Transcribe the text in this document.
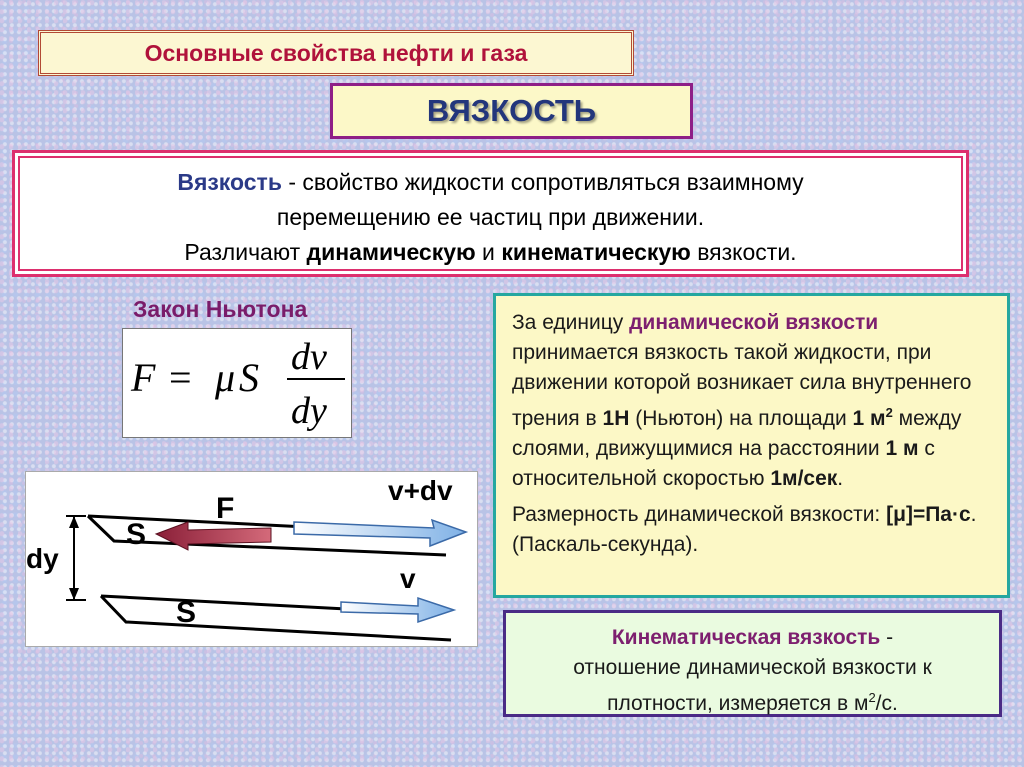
Основные свойства нефти и газа
ВЯЗКОСТЬ
Вязкость - свойство жидкости сопротивляться взаимному
перемещению ее частиц при движении.
Различают динамическую и кинематическую вязкости.
Закон Ньютона
F = μ S dv
dy
dy
F
v+dv
v
S
S
За единицу динамической вязкости принимается вязкость такой жидкости, при движении которой возникает сила внутреннего трения в 1Н (Ньютон) на площади 1 $м^2$ между слоями, движущимися на расстоянии 1 м с относительной скоростью 1м/сек.
Размерность динамической вязкости: [μ]=Па·с. (Паскаль-секунда).
Кинематическая вязкость -
отношение динамической вязкости к
плотности, измеряется в $м^2/с$.
